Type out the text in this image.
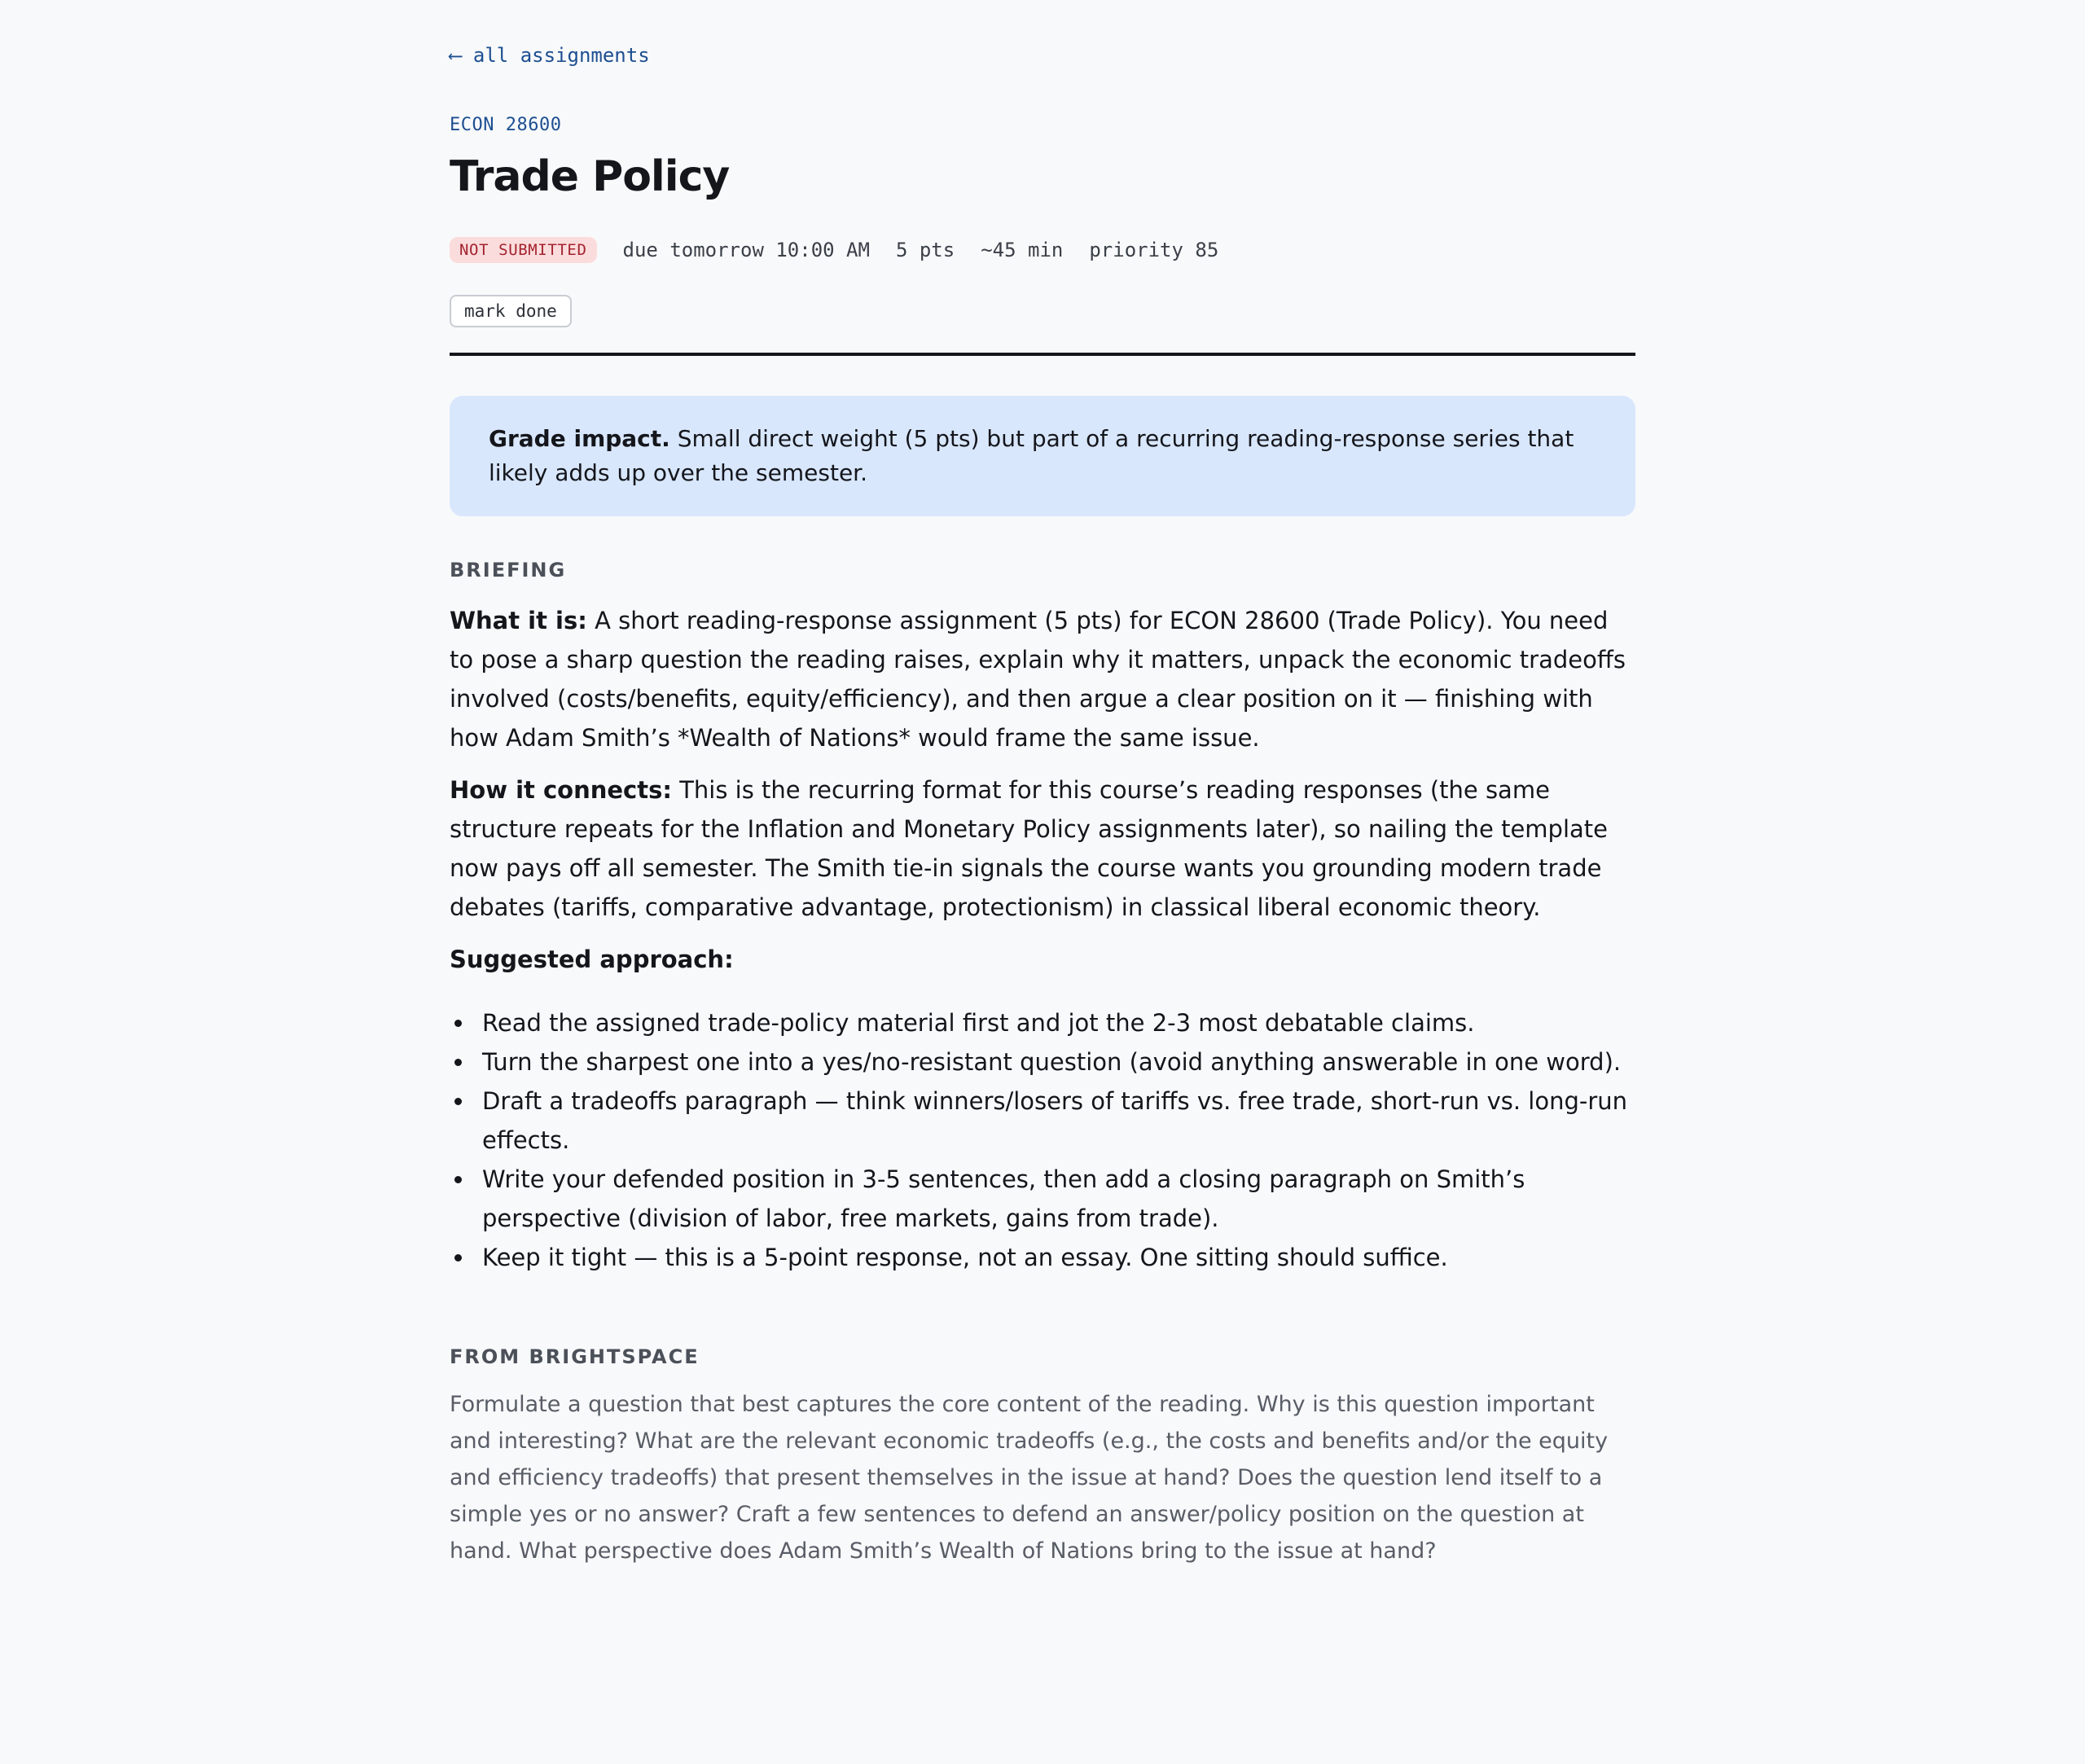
⟵ all assignments
ECON 28600
Trade Policy
NOT SUBMITTED	due tomorrow 10:00 AM 5 pts ~45 min priority 85
mark done
Grade impact. Small direct weight (5 pts) but part of a recurring reading-response series that likely adds up over the semester.
BRIEFING

What it is: A short reading-response assignment (5 pts) for ECON 28600 (Trade Policy). You need to pose a sharp question the reading raises, explain why it matters, unpack the economic tradeoffs involved (costs/benefits, equity/efficiency), and then argue a clear position on it — finishing with how Adam Smith’s *Wealth of Nations* would frame the same issue.

How it connects: This is the recurring format for this course’s reading responses (the same structure repeats for the Inflation and Monetary Policy assignments later), so nailing the template now pays off all semester. The Smith tie-in signals the course wants you grounding modern trade debates (tariffs, comparative advantage, protectionism) in classical liberal economic theory.

Suggested approach:
Read the assigned trade-policy material first and jot the 2-3 most debatable claims.
Turn the sharpest one into a yes/no-resistant question (avoid anything answerable in one word).
Draft a tradeoffs paragraph — think winners/losers of tariffs vs. free trade, short-run vs. long-run effects.
Write your defended position in 3-5 sentences, then add a closing paragraph on Smith’s perspective (division of labor, free markets, gains from trade).
Keep it tight — this is a 5-point response, not an essay. One sitting should suffice.
FROM BRIGHTSPACE

Formulate a question that best captures the core content of the reading. Why is this question important and interesting? What are the relevant economic tradeoffs (e.g., the costs and benefits and/or the equity and efficiency tradeoffs) that present themselves in the issue at hand? Does the question lend itself to a simple yes or no answer? Craft a few sentences to defend an answer/policy position on the question at hand. What perspective does Adam Smith’s Wealth of Nations bring to the issue at hand?
